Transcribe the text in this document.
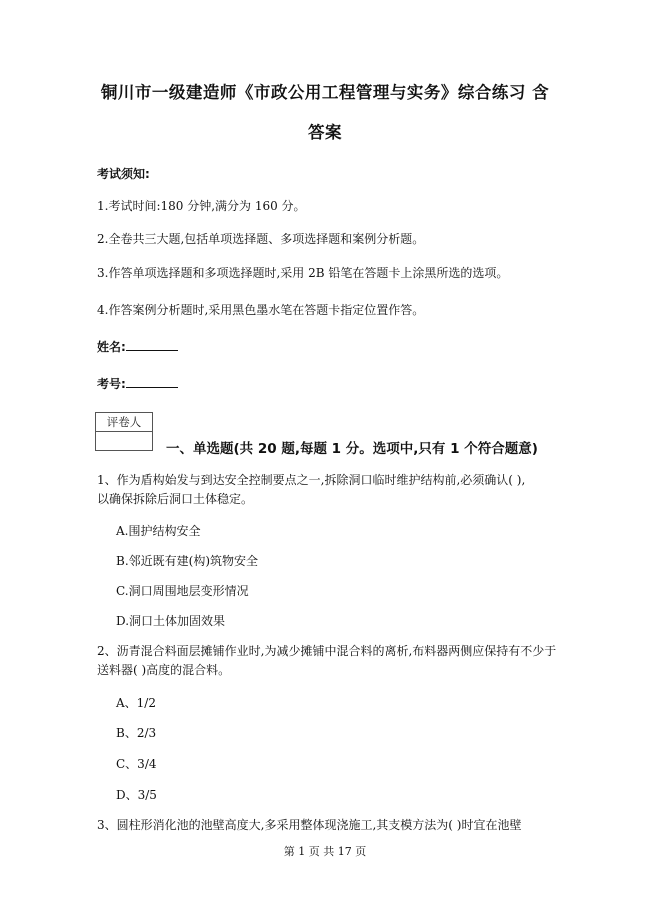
铜川市一级建造师《市政公用工程管理与实务》综合练习 含
答案
考试须知:
1.考试时间:180 分钟,满分为 160 分。
2.全卷共三大题,包括单项选择题、多项选择题和案例分析题。
3.作答单项选择题和多项选择题时,采用 2B 铅笔在答题卡上涂黑所选的选项。
4.作答案例分析题时,采用黑色墨水笔在答题卡指定位置作答。
姓名:
考号:
评卷人
一、单选题(共 20 题,每题 1 分。选项中,只有 1 个符合题意)
1、作为盾构始发与到达安全控制要点之一,拆除洞口临时维护结构前,必须确认( ),
以确保拆除后洞口土体稳定。
A.围护结构安全
B.邻近既有建(构)筑物安全
C.洞口周围地层变形情况
D.洞口土体加固效果
2、沥青混合料面层摊铺作业时,为减少摊铺中混合料的离析,布料器两侧应保持有不少于
送料器( )高度的混合料。
A、1/2
B、2/3
C、3/4
D、3/5
3、圆柱形消化池的池壁高度大,多采用整体现浇施工,其支模方法为( )时宜在池壁
第 1 页 共 17 页
